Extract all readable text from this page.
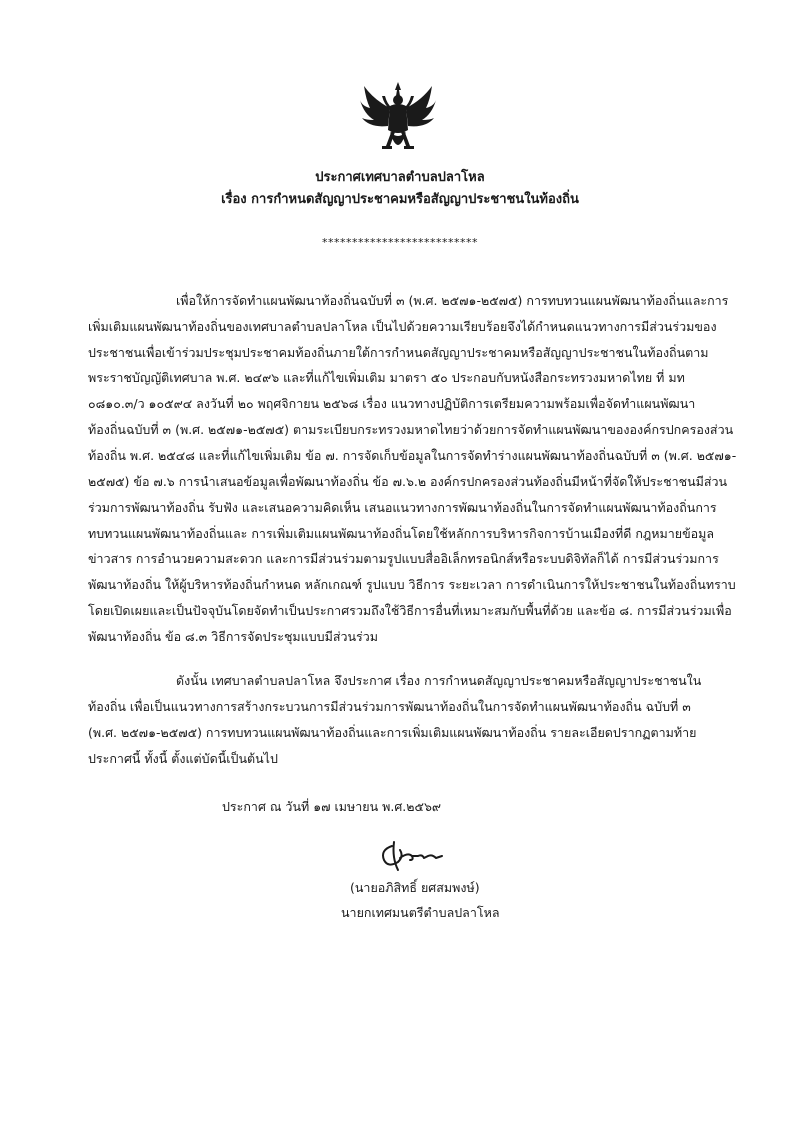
ประกาศเทศบาลตำบลปลาโหล
เรื่อง การกำหนดสัญญาประชาคมหรือสัญญาประชาชนในท้องถิ่น
**************************
เพื่อให้การจัดทำแผนพัฒนาท้องถิ่นฉบับที่ ๓ (พ.ศ. ๒๕๗๑-๒๕๗๕) การทบทวนแผนพัฒนาท้องถิ่นและการ
เพิ่มเติมแผนพัฒนาท้องถิ่นของเทศบาลตำบลปลาโหล เป็นไปด้วยความเรียบร้อยจึงได้กำหนดแนวทางการมีส่วนร่วมของ
ประชาชนเพื่อเข้าร่วมประชุมประชาคมท้องถิ่นภายใต้การกำหนดสัญญาประชาคมหรือสัญญาประชาชนในท้องถิ่นตาม
พระราชบัญญัติเทศบาล พ.ศ. ๒๔๙๖ และที่แก้ไขเพิ่มเติม มาตรา ๕๐ ประกอบกับหนังสือกระทรวงมหาดไทย ที่ มท
๐๘๑๐.๓/ว ๑๐๕๙๔ ลงวันที่ ๒๐ พฤศจิกายน ๒๕๖๘ เรื่อง แนวทางปฏิบัติการเตรียมความพร้อมเพื่อจัดทำแผนพัฒนา
ท้องถิ่นฉบับที่ ๓ (พ.ศ. ๒๕๗๑-๒๕๗๕) ตามระเบียบกระทรวงมหาดไทยว่าด้วยการจัดทำแผนพัฒนาขององค์กรปกครองส่วน
ท้องถิ่น พ.ศ. ๒๕๔๘ และที่แก้ไขเพิ่มเติม ข้อ ๗. การจัดเก็บข้อมูลในการจัดทำร่างแผนพัฒนาท้องถิ่นฉบับที่ ๓ (พ.ศ. ๒๕๗๑-
๒๕๗๕) ข้อ ๗.๖ การนำเสนอข้อมูลเพื่อพัฒนาท้องถิ่น ข้อ ๗.๖.๒ องค์กรปกครองส่วนท้องถิ่นมีหน้าที่จัดให้ประชาชนมีส่วน
ร่วมการพัฒนาท้องถิ่น รับฟัง และเสนอความคิดเห็น เสนอแนวทางการพัฒนาท้องถิ่นในการจัดทำแผนพัฒนาท้องถิ่นการ
ทบทวนแผนพัฒนาท้องถิ่นและ การเพิ่มเติมแผนพัฒนาท้องถิ่นโดยใช้หลักการบริหารกิจการบ้านเมืองที่ดี กฎหมายข้อมูล
ข่าวสาร การอำนวยความสะดวก และการมีส่วนร่วมตามรูปแบบสื่ออิเล็กทรอนิกส์หรือระบบดิจิทัลก็ได้ การมีส่วนร่วมการ
พัฒนาท้องถิ่น ให้ผู้บริหารท้องถิ่นกำหนด หลักเกณฑ์ รูปแบบ วิธีการ ระยะเวลา การดำเนินการให้ประชาชนในท้องถิ่นทราบ
โดยเปิดเผยและเป็นปัจจุบันโดยจัดทำเป็นประกาศรวมถึงใช้วิธีการอื่นที่เหมาะสมกับพื้นที่ด้วย และข้อ ๘. การมีส่วนร่วมเพื่อ
พัฒนาท้องถิ่น ข้อ ๘.๓ วิธีการจัดประชุมแบบมีส่วนร่วม
ดังนั้น เทศบาลตำบลปลาโหล จึงประกาศ เรื่อง การกำหนดสัญญาประชาคมหรือสัญญาประชาชนใน
ท้องถิ่น เพื่อเป็นแนวทางการสร้างกระบวนการมีส่วนร่วมการพัฒนาท้องถิ่นในการจัดทำแผนพัฒนาท้องถิ่น ฉบับที่ ๓
(พ.ศ. ๒๕๗๑-๒๕๗๕) การทบทวนแผนพัฒนาท้องถิ่นและการเพิ่มเติมแผนพัฒนาท้องถิ่น รายละเอียดปรากฏตามท้าย
ประกาศนี้ ทั้งนี้ ตั้งแต่บัดนี้เป็นต้นไป
ประกาศ ณ วันที่ ๑๗ เมษายน พ.ศ.๒๕๖๙
(นายอภิสิทธิ์ ยศสมพงษ์)
นายกเทศมนตรีตำบลปลาโหล
